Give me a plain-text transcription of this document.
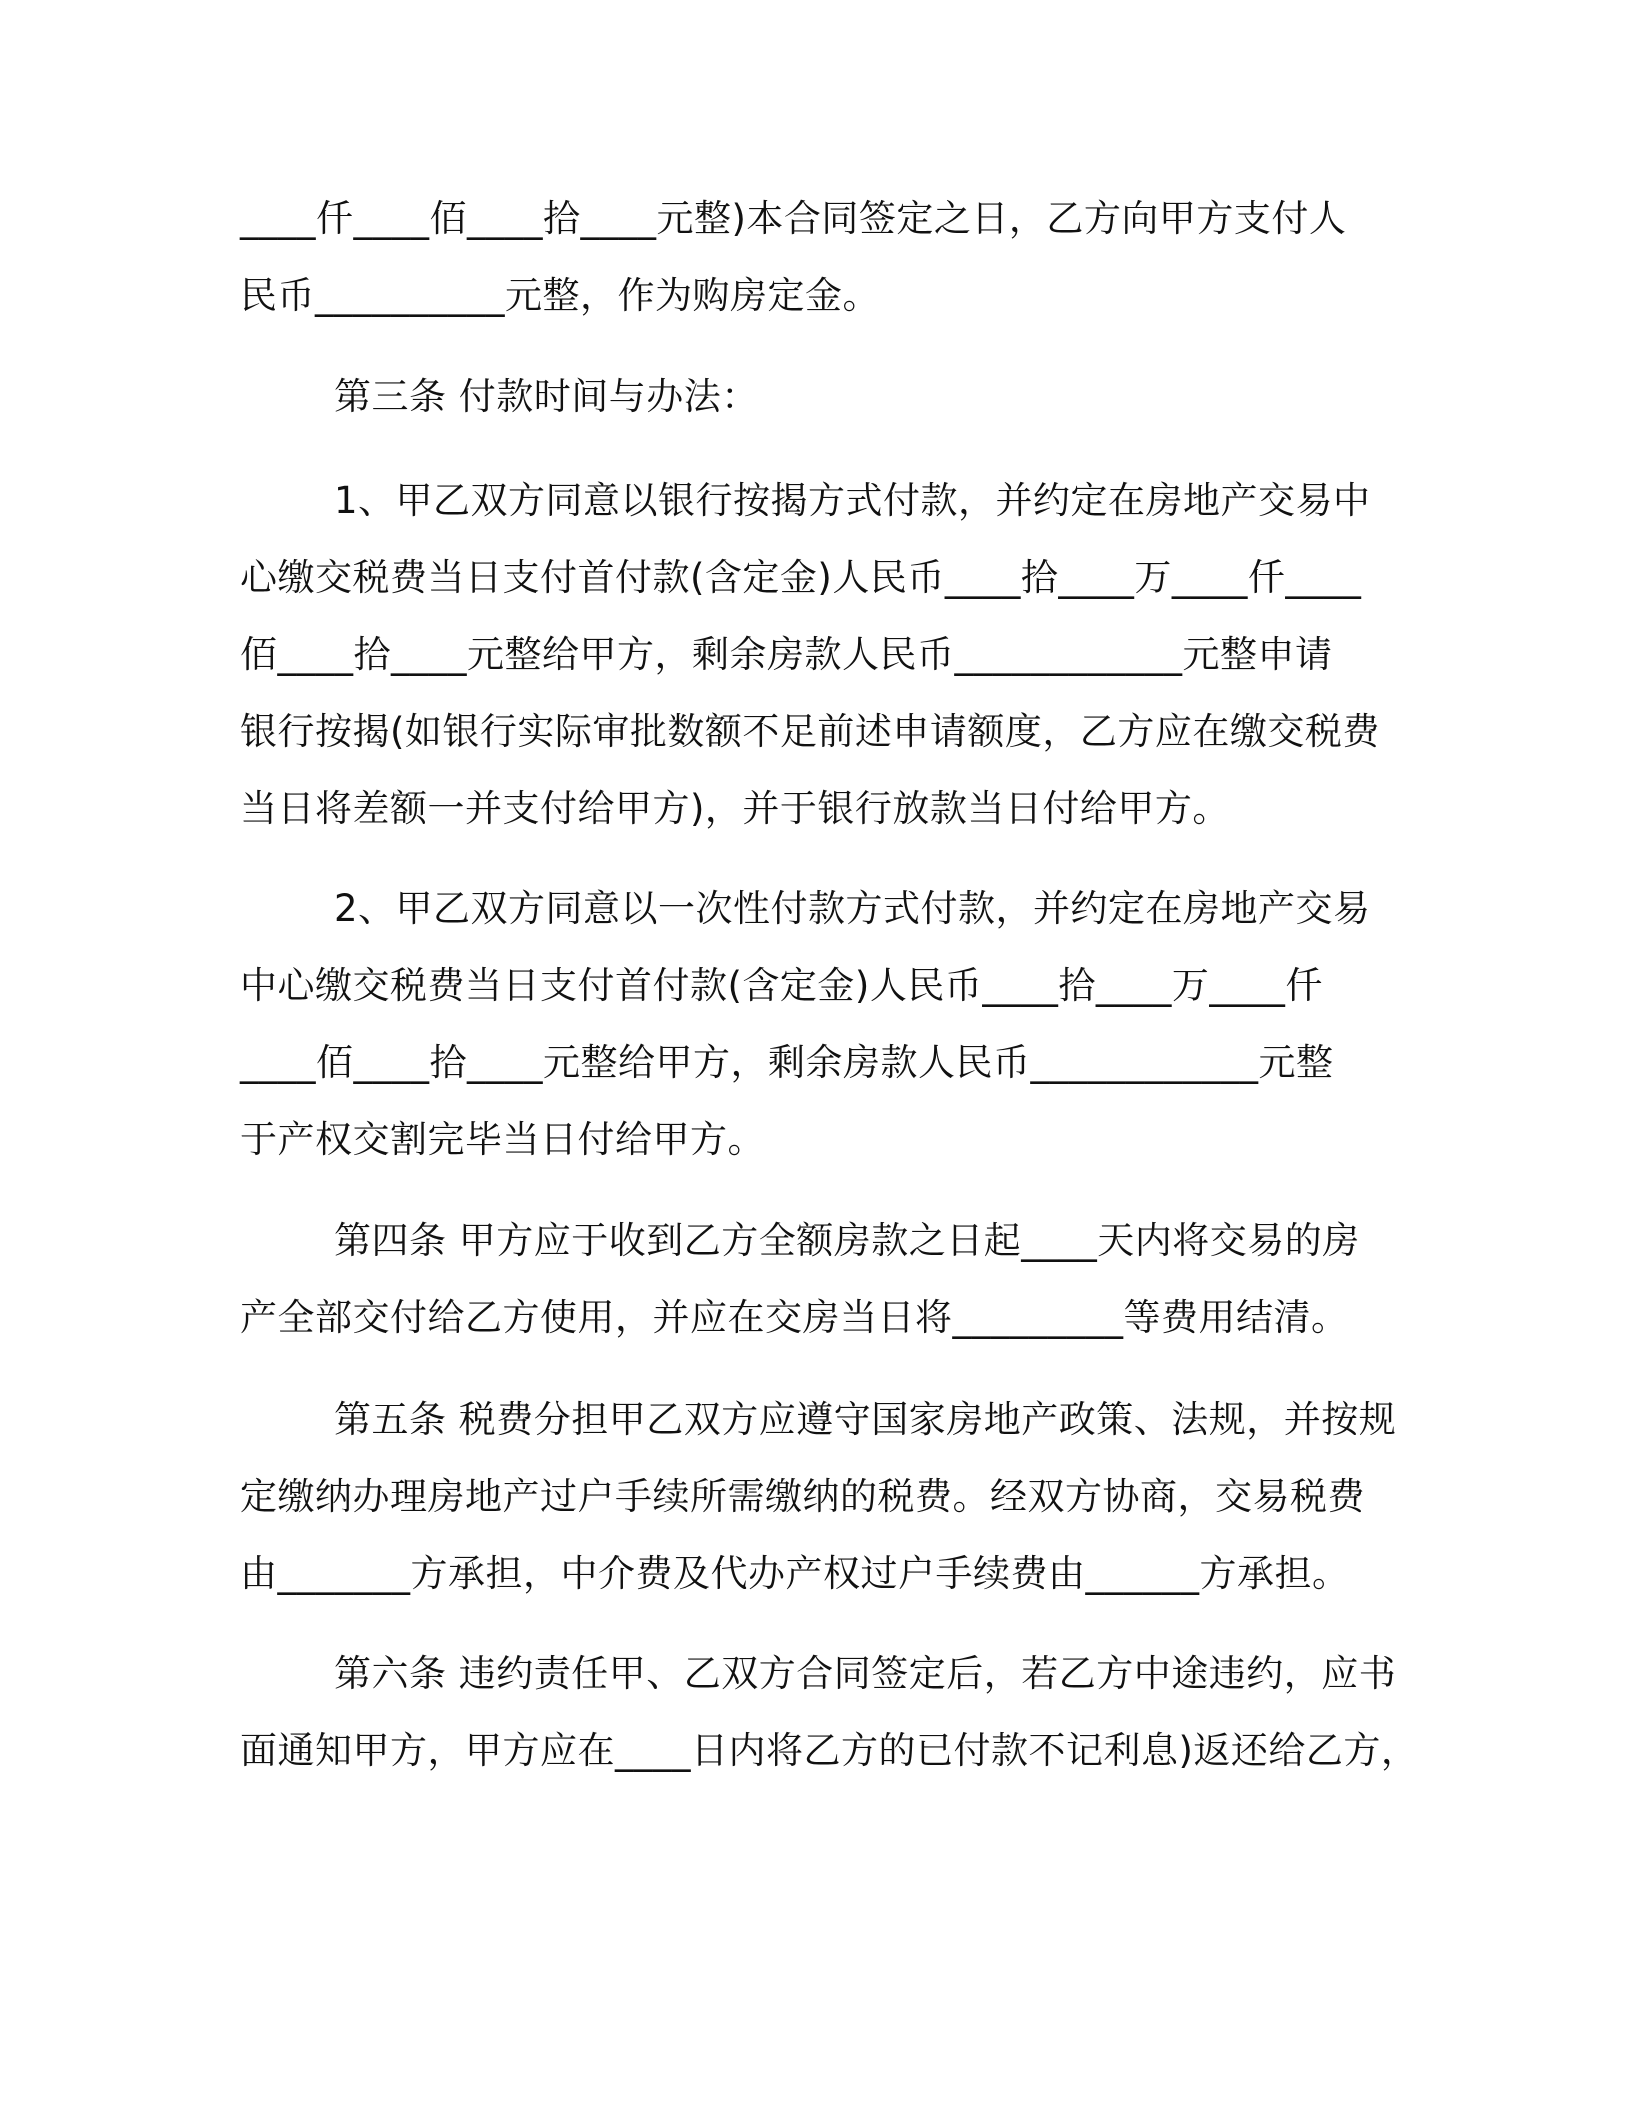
____仟____佰____拾____元整)本合同签定之日，乙方向甲方支付人
民币__________元整，作为购房定金。
第三条 付款时间与办法：
1、甲乙双方同意以银行按揭方式付款，并约定在房地产交易中
心缴交税费当日支付首付款(含定金)人民币____拾____万____仟____
佰____拾____元整给甲方，剩余房款人民币____________元整申请
银行按揭(如银行实际审批数额不足前述申请额度，乙方应在缴交税费
当日将差额一并支付给甲方)，并于银行放款当日付给甲方。
2、甲乙双方同意以一次性付款方式付款，并约定在房地产交易
中心缴交税费当日支付首付款(含定金)人民币____拾____万____仟
____佰____拾____元整给甲方，剩余房款人民币____________元整
于产权交割完毕当日付给甲方。
第四条 甲方应于收到乙方全额房款之日起____天内将交易的房
产全部交付给乙方使用，并应在交房当日将_________等费用结清。
第五条 税费分担甲乙双方应遵守国家房地产政策、法规，并按规
定缴纳办理房地产过户手续所需缴纳的税费。经双方协商，交易税费
由_______方承担，中介费及代办产权过户手续费由______方承担。
第六条 违约责任甲、乙双方合同签定后，若乙方中途违约，应书
面通知甲方，甲方应在____日内将乙方的已付款不记利息)返还给乙方，
